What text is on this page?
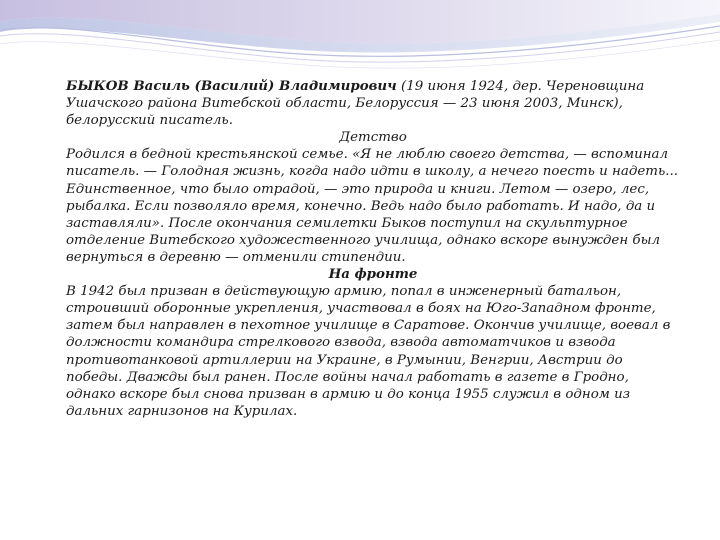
БЫКОВ Василь (Василий) Владимирович (19 июня 1924, дер. Череновщина Ушачского района Витебской области, Белоруссия — 23 июня 2003, Минск), белорусский писатель.

Детство

Родился в бедной крестьянской семье. «Я не люблю своего детства, — вспоминал писатель. — Голодная жизнь, когда надо идти в школу, а нечего поесть и надеть... Единственное, что было отрадой, — это природа и книги. Летом — озеро, лес, рыбалка. Если позволяло время, конечно. Ведь надо было работать. И надо, да и заставляли». После окончания семилетки Быков поступил на скульптурное отделение Витебского художественного училища, однако вскоре вынужден был вернуться в деревню — отменили стипендии.

На фронте

В 1942 был призван в действующую армию, попал в инженерный батальон, строивший оборонные укрепления, участвовал в боях на Юго-Западном фронте, затем был направлен в пехотное училище в Саратове. Окончив училище, воевал в должности командира стрелкового взвода, взвода автоматчиков и взвода противотанковой артиллерии на Украине, в Румынии, Венгрии, Австрии до победы. Дважды был ранен. После войны начал работать в газете в Гродно, однако вскоре был снова призван в армию и до конца 1955 служил в одном из дальних гарнизонов на Курилах.
